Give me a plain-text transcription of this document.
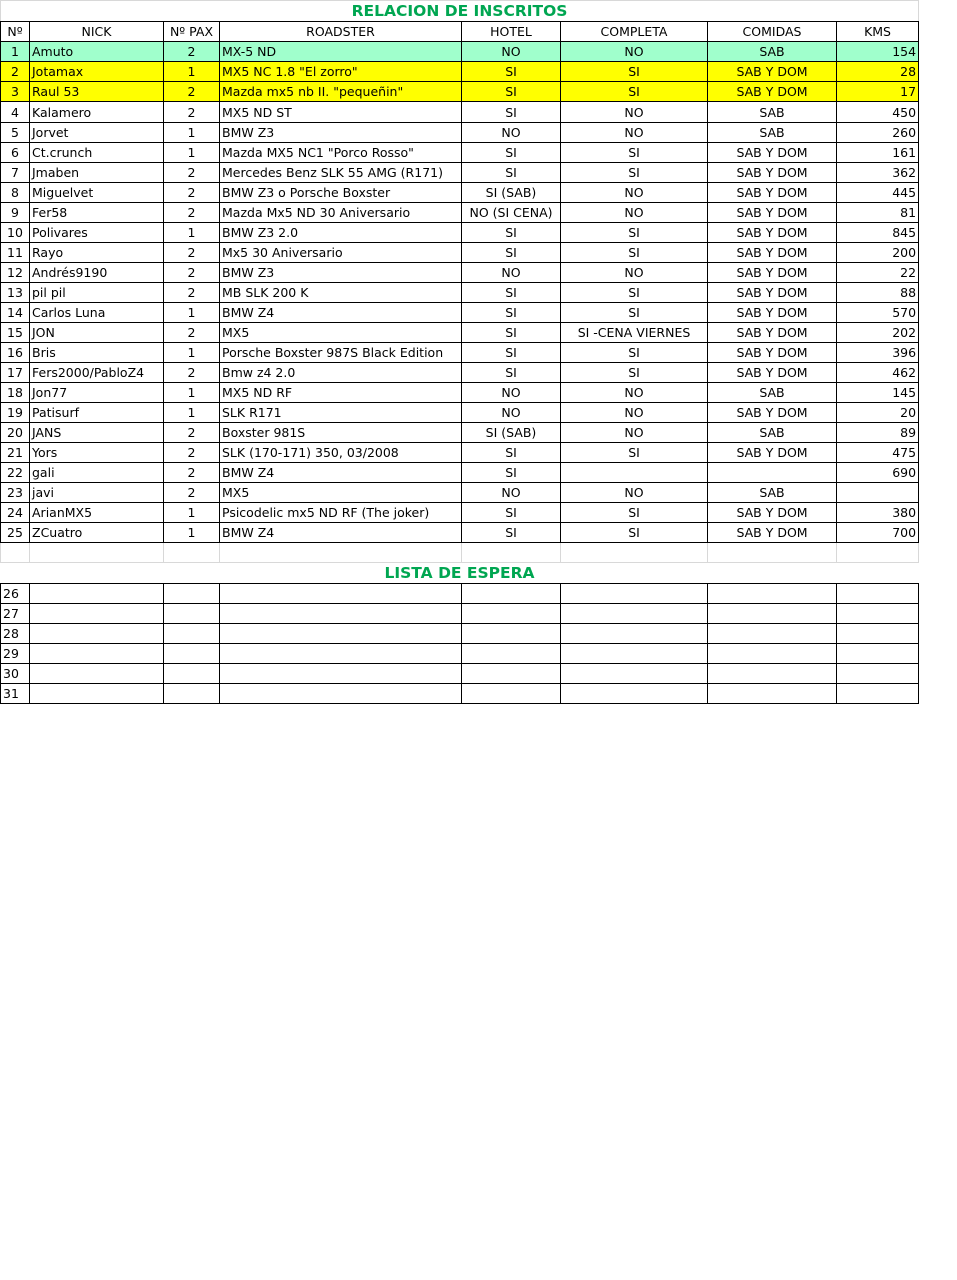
RELACION DE INSCRITOS							
Nº	NICK	Nº PAX	ROADSTER	HOTEL	COMPLETA	COMIDAS	KMS
1	Amuto	2	MX-5 ND	NO	NO	SAB	154
2	Jotamax	1	MX5 NC 1.8 "El zorro"	SI	SI	SAB Y DOM	28
3	Raul 53	2	Mazda mx5 nb II. "pequeñin"	SI	SI	SAB Y DOM	17
4	Kalamero	2	MX5 ND ST	SI	NO	SAB	450
5	Jorvet	1	BMW Z3	NO	NO	SAB	260
6	Ct.crunch	1	Mazda MX5 NC1 "Porco Rosso"	SI	SI	SAB Y DOM	161
7	Jmaben	2	Mercedes Benz SLK 55 AMG (R171)	SI	SI	SAB Y DOM	362
8	Miguelvet	2	BMW Z3 o Porsche Boxster	SI (SAB)	NO	SAB Y DOM	445
9	Fer58	2	Mazda Mx5 ND 30 Aniversario	NO (SI CENA)	NO	SAB Y DOM	81
10	Polivares	1	BMW Z3 2.0	SI	SI	SAB Y DOM	845
11	Rayo	2	Mx5 30 Aniversario	SI	SI	SAB Y DOM	200
12	Andrés9190	2	BMW Z3	NO	NO	SAB Y DOM	22
13	pil pil	2	MB SLK 200 K	SI	SI	SAB Y DOM	88
14	Carlos Luna	1	BMW Z4	SI	SI	SAB Y DOM	570
15	JON	2	MX5	SI	SI -CENA VIERNES	SAB Y DOM	202
16	Bris	1	Porsche Boxster 987S Black Edition	SI	SI	SAB Y DOM	396
17	Fers2000/PabloZ4	2	Bmw z4 2.0	SI	SI	SAB Y DOM	462
18	Jon77	1	MX5 ND RF	NO	NO	SAB	145
19	Patisurf	1	SLK R171	NO	NO	SAB Y DOM	20
20	JANS	2	Boxster 981S	SI (SAB)	NO	SAB	89
21	Yors	2	SLK (170-171) 350, 03/2008	SI	SI	SAB Y DOM	475
22	gali	2	BMW Z4	SI			690
23	javi	2	MX5	NO	NO	SAB	
24	ArianMX5	1	Psicodelic mx5 ND RF (The joker)	SI	SI	SAB Y DOM	380
25	ZCuatro	1	BMW Z4	SI	SI	SAB Y DOM	700

LISTA DE ESPERA							
26							
27							
28							
29							
30							
31							
